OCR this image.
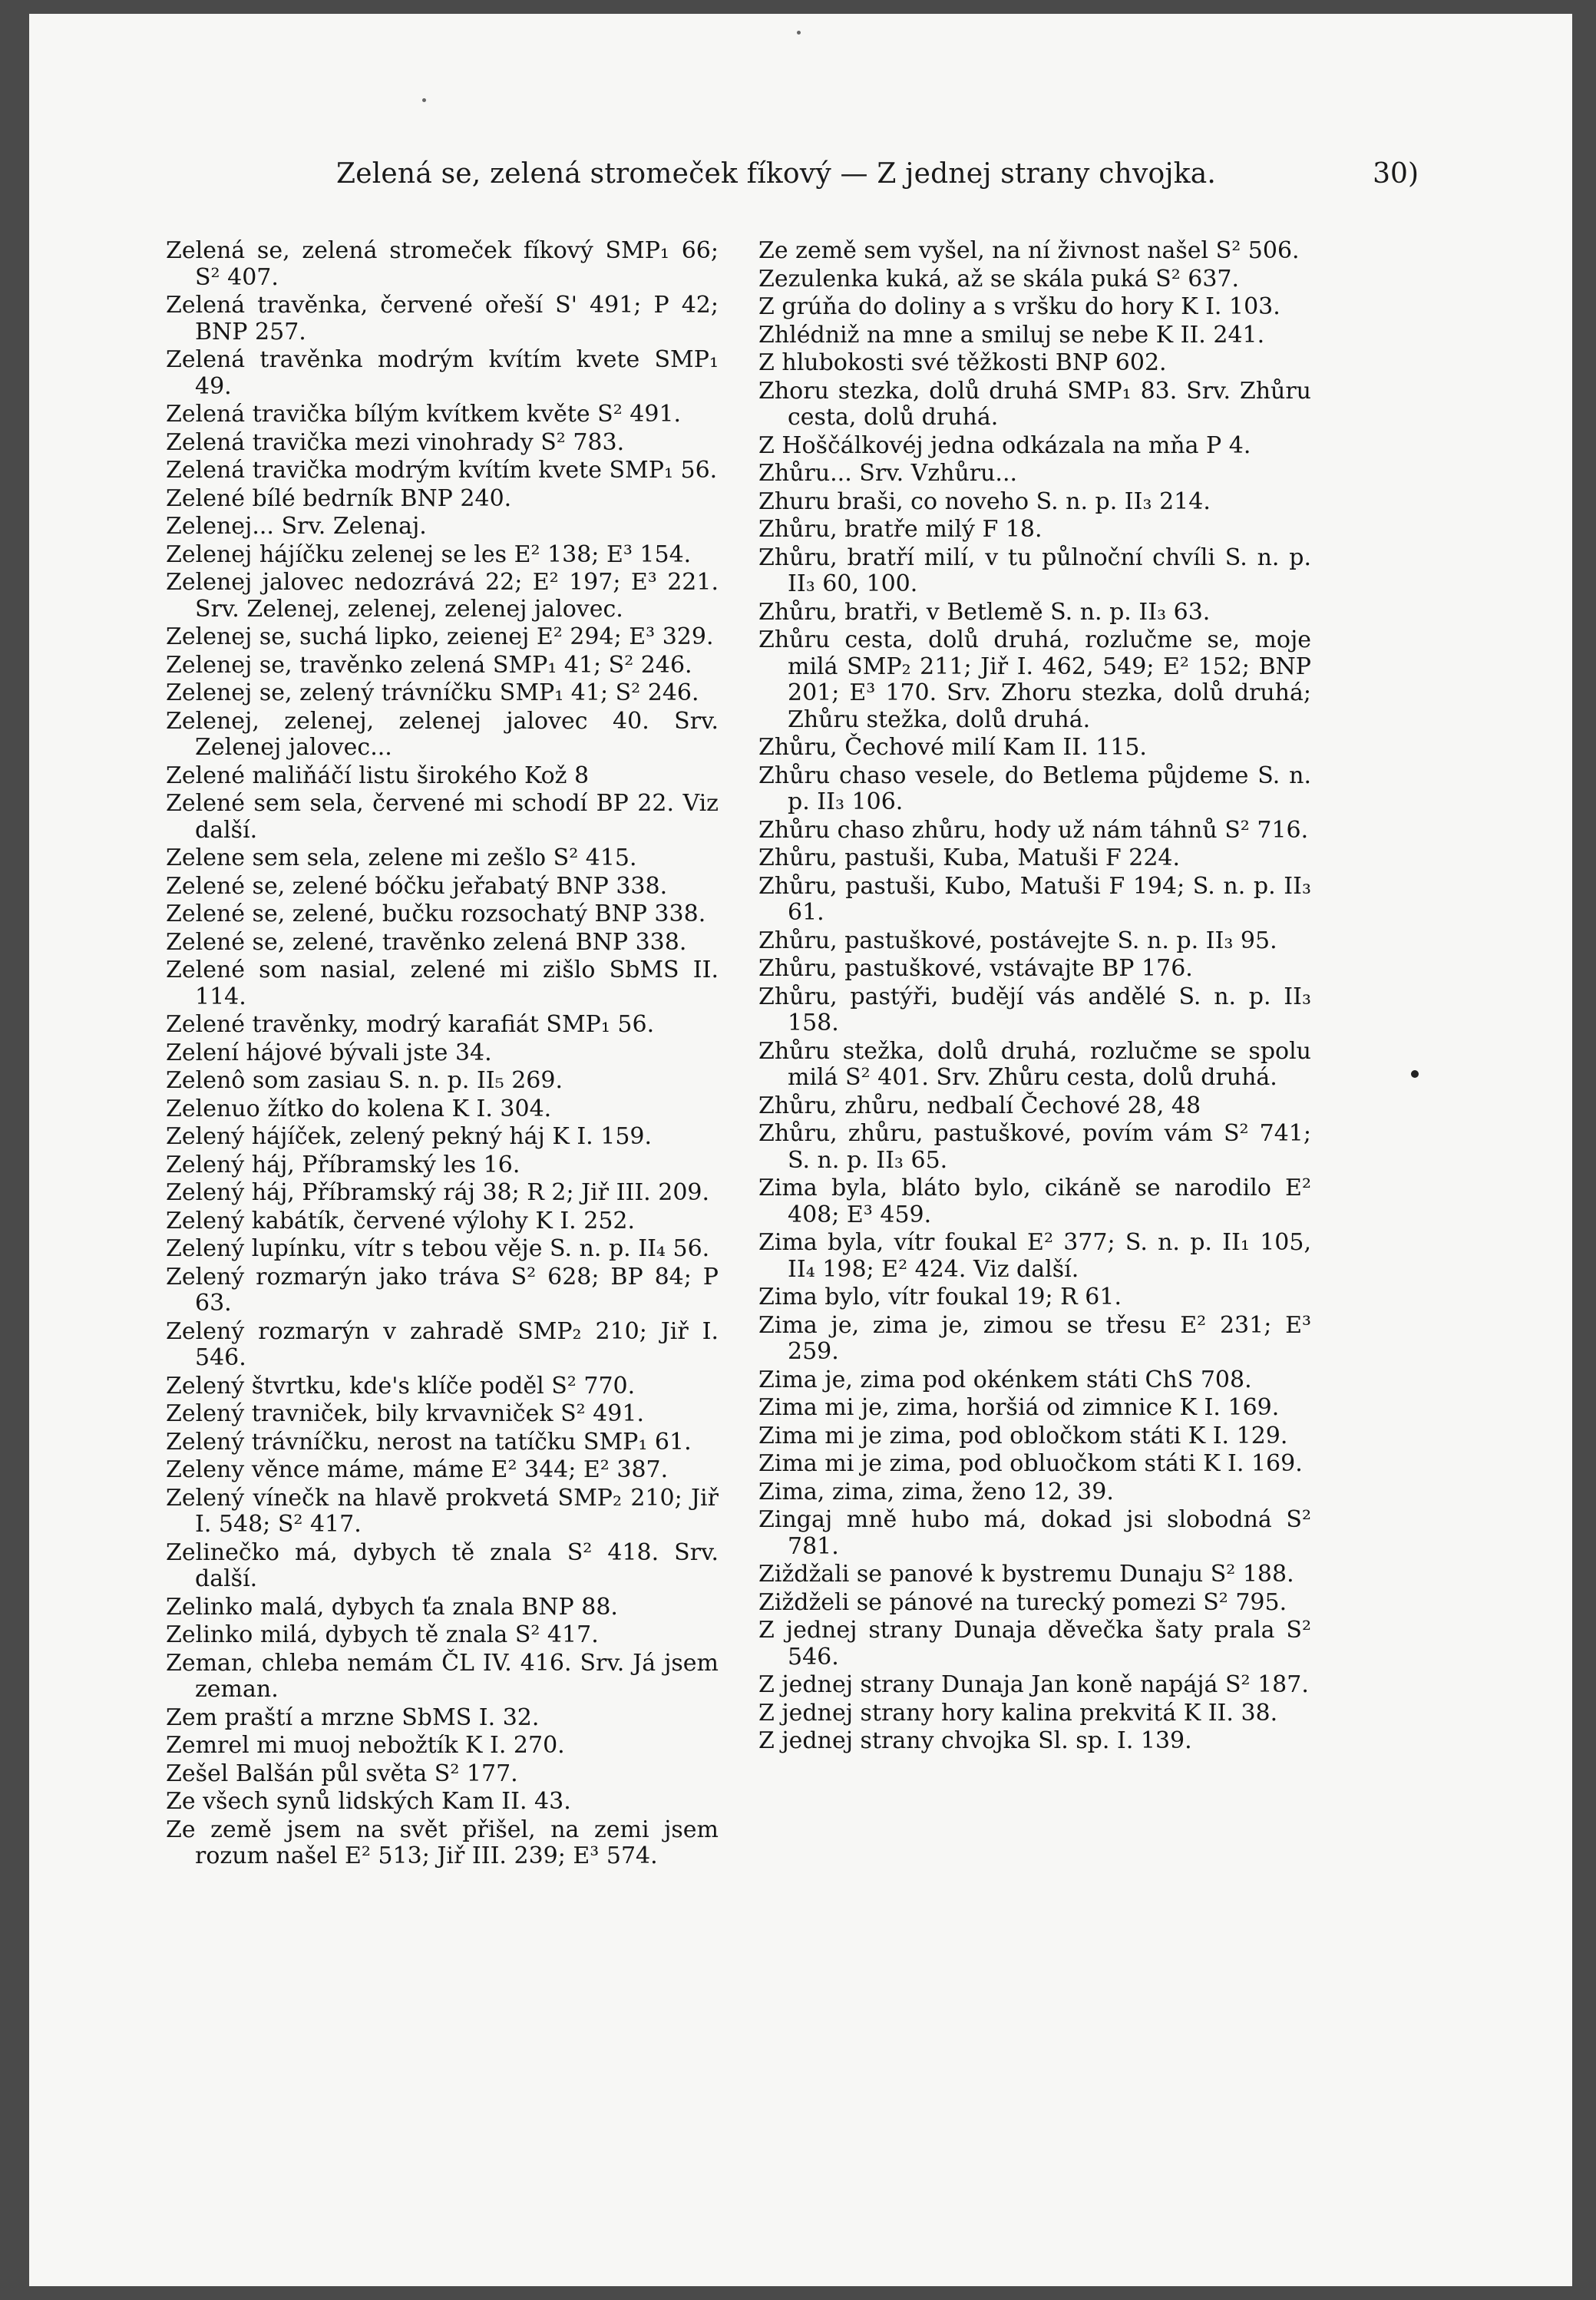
Zelená se, zelená stromeček fíkový — Z jednej strany chvojka.	30)

Zelená se, zelená stromeček fíkový SMP₁ 66; S² 407.

Zelená travěnka, červené ořeší S' 491; P 42; BNP 257.

Zelená travěnka modrým kvítím kvete SMP₁ 49.

Zelená travička bílým kvítkem květe S² 491.

Zelená travička mezi vinohrady S² 783.

Zelená travička modrým kvítím kvete SMP₁ 56.

Zelené bílé bedrník BNP 240.

Zelenej... Srv. Zelenaj.

Zelenej hájíčku zelenej se les E² 138; E³ 154.

Zelenej jalovec nedozrává 22; E² 197; E³ 221. Srv. Zelenej, zelenej, zelenej jalovec.

Zelenej se, suchá lipko, zeienej E² 294; E³ 329.

Zelenej se, travěnko zelená SMP₁ 41; S² 246.

Zelenej se, zelený trávníčku SMP₁ 41; S² 246.

Zelenej, zelenej, zelenej jalovec 40. Srv. Zelenej jalovec...

Zelené maliňáčí listu širokého Kož 8

Zelené sem sela, červené mi schodí BP 22. Viz další.

Zelene sem sela, zelene mi zešlo S² 415.

Zelené se, zelené bóčku jeřabatý BNP 338.

Zelené se, zelené, bučku rozsochatý BNP 338.

Zelené se, zelené, travěnko zelená BNP 338.

Zelené som nasial, zelené mi zišlo SbMS II. 114.

Zelené travěnky, modrý karafiát SMP₁ 56.

Zelení hájové bývali jste 34.

Zelenô som zasiau S. n. p. II₅ 269.

Zelenuo žítko do kolena K I. 304.

Zelený hájíček, zelený pekný háj K I. 159.

Zelený háj, Příbramský les 16.

Zelený háj, Příbramský ráj 38; R 2; Jiř III. 209.

Zelený kabátík, červené výlohy K I. 252.

Zelený lupínku, vítr s tebou věje S. n. p. II₄ 56.

Zelený rozmarýn jako tráva S² 628; BP 84; P 63.

Zelený rozmarýn v zahradě SMP₂ 210; Jiř I. 546.

Zelený štvrtku, kde's klíče poděl S² 770.

Zelený travniček, bily krvavniček S² 491.

Zelený trávníčku, nerost na tatíčku SMP₁ 61.

Zeleny věnce máme, máme E² 344; E² 387.

Zelený vínečk na hlavě prokvetá SMP₂ 210; Jiř I. 548; S² 417.

Zelinečko má, dybych tě znala S² 418. Srv. další.

Zelinko malá, dybych ťa znala BNP 88.

Zelinko milá, dybych tě znala S² 417.

Zeman, chleba nemám ČL IV. 416. Srv. Já jsem zeman.

Zem praští a mrzne SbMS I. 32.

Zemrel mi muoj nebožtík K I. 270.

Zešel Balšán půl světa S² 177.

Ze všech synů lidských Kam II. 43.

Ze země jsem na svět přišel, na zemi jsem rozum našel E² 513; Jiř III. 239; E³ 574.

Ze země sem vyšel, na ní živnost našel S² 506.

Zezulenka kuká, až se skála puká S² 637.

Z grúňa do doliny a s vršku do hory K I. 103.

Zhlédniž na mne a smiluj se nebe K II. 241.

Z hlubokosti své těžkosti BNP 602.

Zhoru stezka, dolů druhá SMP₁ 83. Srv. Zhůru cesta, dolů druhá.

Z Hoščálkovéj jedna odkázala na mňa P 4.

Zhůru... Srv. Vzhůru...

Zhuru braši, co noveho S. n. p. II₃ 214.

Zhůru, bratře milý F 18.

Zhůru, bratří milí, v tu půlnoční chvíli S. n. p. II₃ 60, 100.

Zhůru, bratři, v Betlemě S. n. p. II₃ 63.

Zhůru cesta, dolů druhá, rozlučme se, moje milá SMP₂ 211; Jiř I. 462, 549; E² 152; BNP 201; E³ 170. Srv. Zhoru stezka, dolů druhá; Zhůru stežka, dolů druhá.

Zhůru, Čechové milí Kam II. 115.

Zhůru chaso vesele, do Betlema půjdeme S. n. p. II₃ 106.

Zhůru chaso zhůru, hody už nám táhnů S² 716.

Zhůru, pastuši, Kuba, Matuši F 224.

Zhůru, pastuši, Kubo, Matuši F 194; S. n. p. II₃ 61.

Zhůru, pastuškové, postávejte S. n. p. II₃ 95.

Zhůru, pastuškové, vstávajte BP 176.

Zhůru, pastýři, budějí vás andělé S. n. p. II₃ 158.

Zhůru stežka, dolů druhá, rozlučme se spolu milá S² 401. Srv. Zhůru cesta, dolů druhá.

Zhůru, zhůru, nedbalí Čechové 28, 48

Zhůru, zhůru, pastuškové, povím vám S² 741; S. n. p. II₃ 65.

Zima byla, bláto bylo, cikáně se narodilo E² 408; E³ 459.

Zima byla, vítr foukal E² 377; S. n. p. II₁ 105, II₄ 198; E² 424. Viz další.

Zima bylo, vítr foukal 19; R 61.

Zima je, zima je, zimou se třesu E² 231; E³ 259.

Zima je, zima pod okénkem státi ChS 708.

Zima mi je, zima, horšiá od zimnice K I. 169.

Zima mi je zima, pod obločkom státi K I. 129.

Zima mi je zima, pod obluočkom státi K I. 169.

Zima, zima, zima, ženo 12, 39.

Zingaj mně hubo má, dokad jsi slobodná S² 781.

Ziždžali se panové k bystremu Dunaju S² 188.

Ziždželi se pánové na turecký pomezi S² 795.

Z jednej strany Dunaja děvečka šaty prala S² 546.

Z jednej strany Dunaja Jan koně napájá S² 187.

Z jednej strany hory kalina prekvitá K II. 38.

Z jednej strany chvojka Sl. sp. I. 139.
